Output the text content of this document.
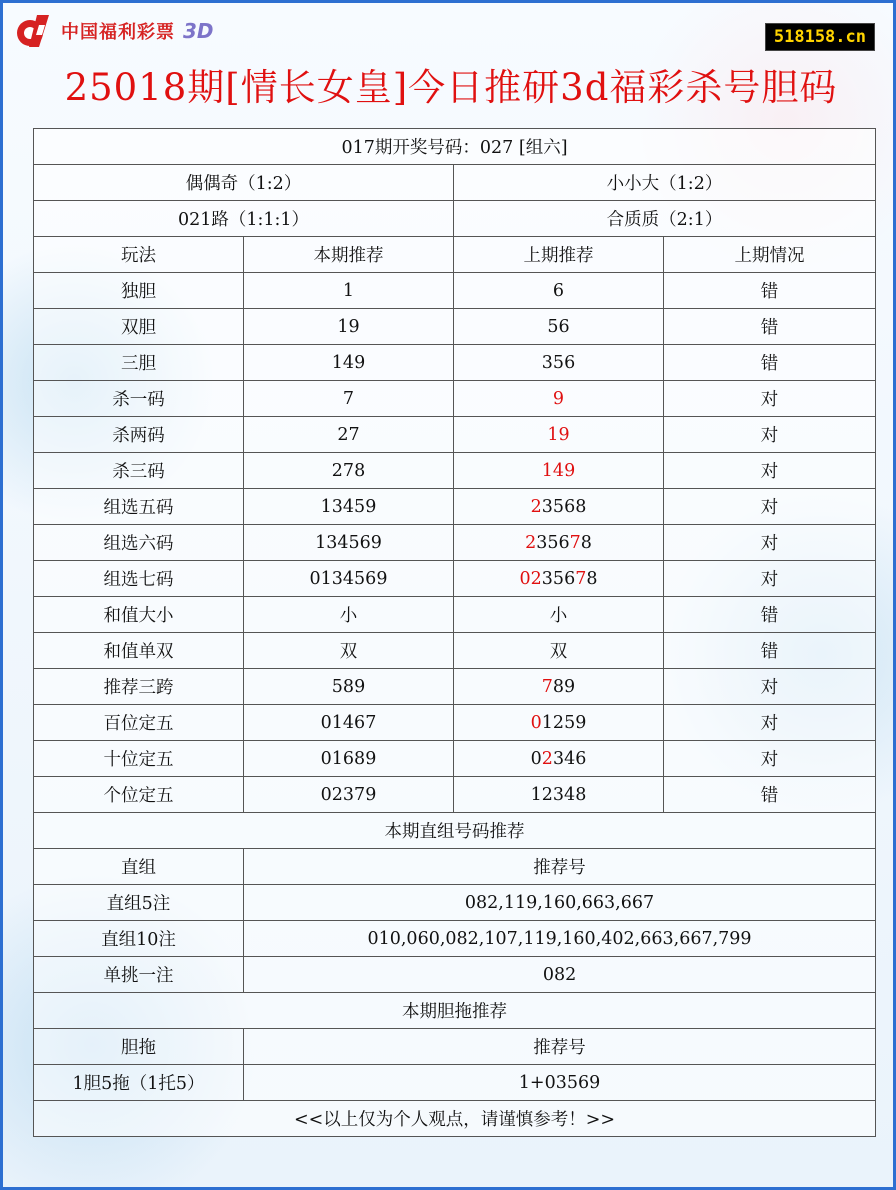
中国福利彩票 3D	518158.cn
25018期[情长女皇]今日推研3d福彩杀号胆码
017期开奖号码：027 [组六]			
偶偶奇（1:2）		小小大（1:2）	
021路（1:1:1）		合质质（2:1）	
玩法	本期推荐	上期推荐	上期情况
独胆	1	6	错
双胆	19	56	错
三胆	149	356	错
杀一码	7	9	对
杀两码	27	19	对
杀三码	278	149	对
组选五码	13459	23568	对
组选六码	134569	235678	对
组选七码	0134569	0235678	对
和值大小	小	小	错
和值单双	双	双	错
推荐三跨	589	789	对
百位定五	01467	01259	对
十位定五	01689	02346	对
个位定五	02379	12348	错
本期直组号码推荐			
直组	推荐号		
直组5注	082,119,160,663,667		
直组10注	010,060,082,107,119,160,402,663,667,799		
单挑一注	082		
本期胆拖推荐			
胆拖	推荐号		
1胆5拖（1托5）	1+03569		
<<以上仅为个人观点，请谨慎参考！>>			
